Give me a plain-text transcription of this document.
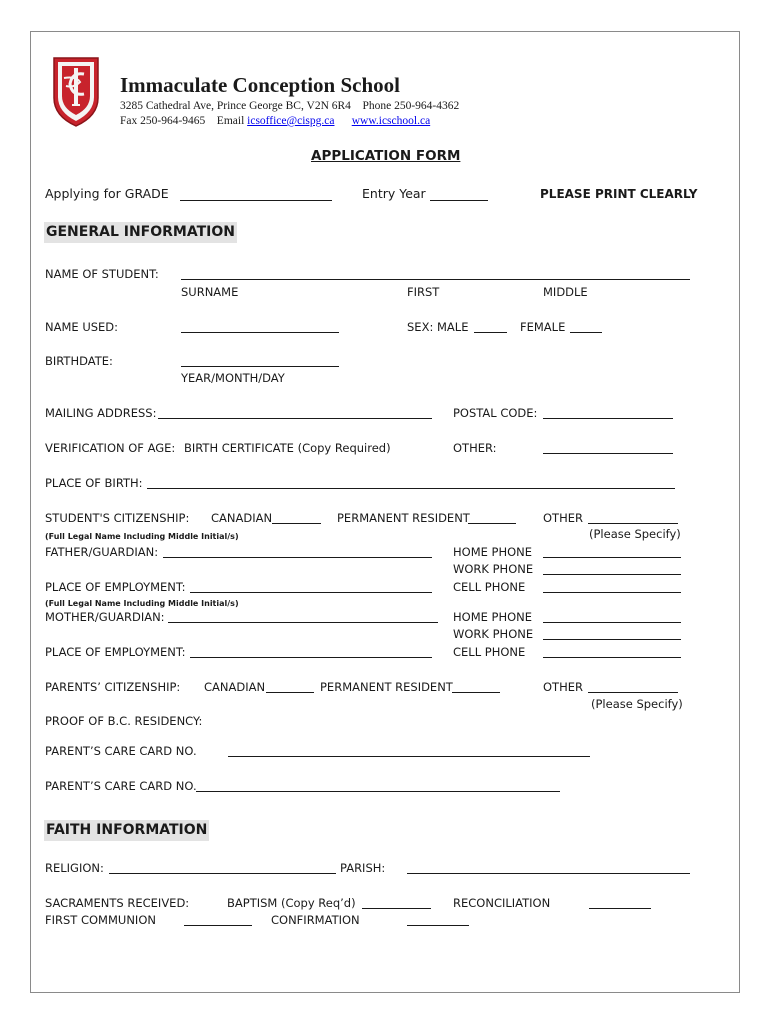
Immaculate Conception School
3285 Cathedral Ave, Prince George BC, V2N 6R4 Phone 250-964-4362
Fax 250-964-9465 Email icsoffice@cispg.ca www.icschool.ca
APPLICATION FORM
Applying for GRADE	Entry Year	PLEASE PRINT CLEARLY
GENERAL INFORMATION
NAME OF STUDENT:
SURNAME	FIRST	MIDDLE
NAME USED:	SEX: MALE	FEMALE
BIRTHDATE:
YEAR/MONTH/DAY
MAILING ADDRESS:	POSTAL CODE:
VERIFICATION OF AGE: BIRTH CERTIFICATE (Copy Required)	OTHER:
PLACE OF BIRTH:
STUDENT'S CITIZENSHIP: CANADIAN	PERMANENT RESIDENT	OTHER
(Full Legal Name Including Middle Initial/s)	(Please Specify)
FATHER/GUARDIAN:	HOME PHONE
WORK PHONE
PLACE OF EMPLOYMENT:	CELL PHONE
(Full Legal Name Including Middle Initial/s)
MOTHER/GUARDIAN:	HOME PHONE
WORK PHONE
PLACE OF EMPLOYMENT:	CELL PHONE
PARENTS’ CITIZENSHIP: CANADIAN	PERMANENT RESIDENT	OTHER
(Please Specify)
PROOF OF B.C. RESIDENCY:
PARENT’S CARE CARD NO.
PARENT’S CARE CARD NO.
FAITH INFORMATION
RELIGION:	PARISH:
SACRAMENTS RECEIVED:	BAPTISM (Copy Req’d)	RECONCILIATION
FIRST COMMUNION	CONFIRMATION
